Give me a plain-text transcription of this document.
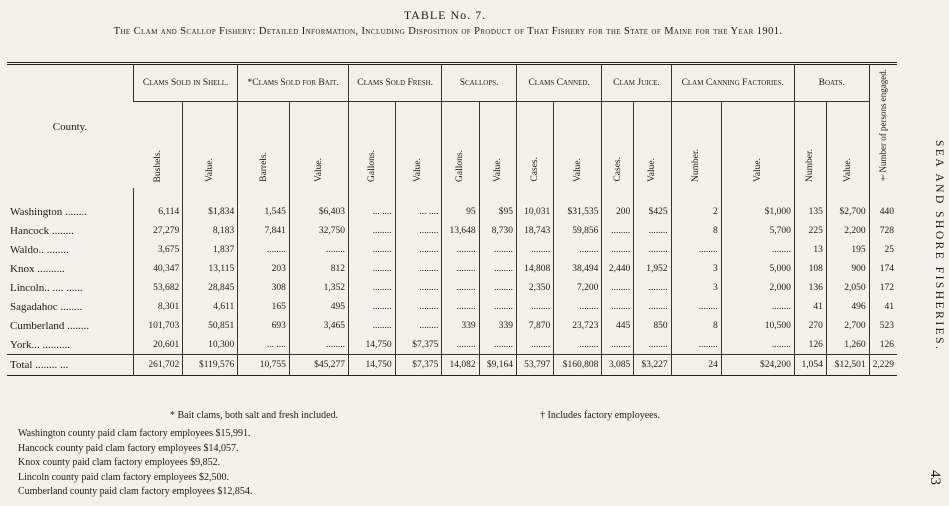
TABLE No. 7.
The Clam and Scallop Fishery: Detailed Information, Including Disposition of Product of That Fishery for the State of Maine for the Year 1901.
County.	Clams Sold in Shell.		*Clams Sold for Bait.		Clams Sold Fresh.		Scallops.		Clams Canned.		Clam Juice.		Clam Canning Factories.		Boats.		†Number of persons engaged.

	Bushels.	Value.	Barrels.	Value.	Gallons.	Value.	Gallons.	Value.	Cases.	Value.	Cases.	Value.	Number.	Value.	Number.	Value.	

Washington ........	6,114	$1,834	1,545	$6,403	... ....	... ....	95	$95	10,031	$31,535	200	$425	2	$1,000	135	$2,700	440
Hancock ........	27,279	8,183	7,841	32,750	........	........	13,648	8,730	18,743	59,856	........	........	8	5,700	225	2,200	728
Waldo.. ........	3,675	1,837	........	........	........	........	........	........	........	........	........	........	........	........	13	195	25
Knox ..........	40,347	13,115	203	812	........	........	........	........	14,808	38,494	2,440	1,952	3	5,000	108	900	174
Lincoln.. .... ......	53,682	28,845	308	1,352	........	........	........	........	2,350	7,200	........	........	3	2,000	136	2,050	172
Sagadahoc ........	8,301	4,611	165	495	........	........	........	........	........	........	........	........	........	........	41	496	41
Cumberland ........	101,703	50,851	693	3,465	........	........	339	339	7,870	23,723	445	850	8	10,500	270	2,700	523
York... ..........	20,601	10,300	... ....	........	14,750	$7,375	........	........	........	........	........	........	........	........	126	1,260	126
Total ........ ...	261,702	$119,576	10,755	$45,277	14,750	$7,375	14,082	$9,164	53,797	$160,808	3,085	$3,227	24	$24,200	1,054	$12,501	2,229
* Bait clams, both salt and fresh included.	† Includes factory employees.
Washington county paid clam factory employees $15,991.
Hancock county paid clam factory employees $14,057.
Knox county paid clam factory employees $9,852.
Lincoln county paid clam factory employees $2,500.
Cumberland county paid clam factory employees $12,854.
SEA AND SHORE FISHERIES.
43
